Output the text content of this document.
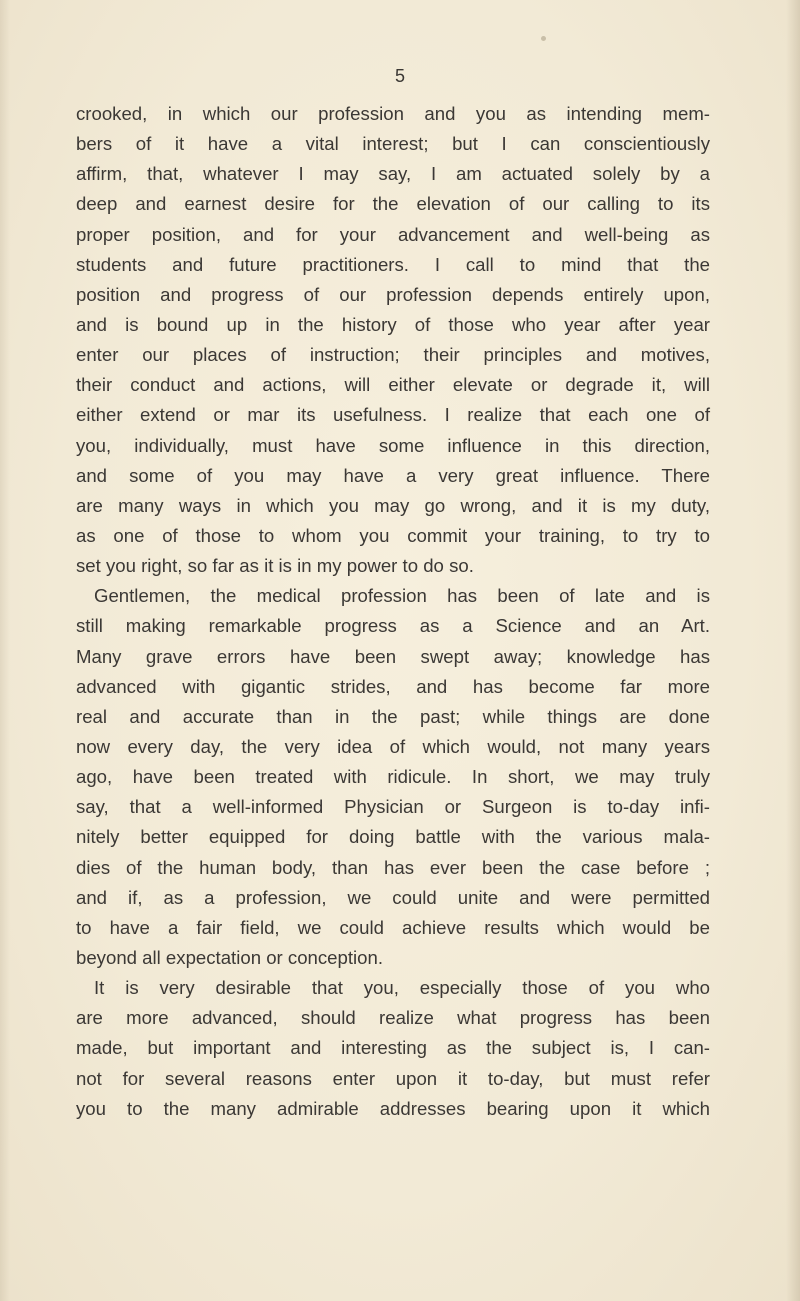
5
crooked, in which our profession and you as intending mem-
bers of it have a vital interest; but I can conscientiously
affirm, that, whatever I may say, I am actuated solely by a
deep and earnest desire for the elevation of our calling to its
proper position, and for your advancement and well-being as
students and future practitioners. I call to mind that the
position and progress of our profession depends entirely upon,
and is bound up in the history of those who year after year
enter our places of instruction; their principles and motives,
their conduct and actions, will either elevate or degrade it, will
either extend or mar its usefulness. I realize that each one of
you, individually, must have some influence in this direction,
and some of you may have a very great influence. There
are many ways in which you may go wrong, and it is my duty,
as one of those to whom you commit your training, to try to
set you right, so far as it is in my power to do so.
Gentlemen, the medical profession has been of late and is
still making remarkable progress as a Science and an Art.
Many grave errors have been swept away; knowledge has
advanced with gigantic strides, and has become far more
real and accurate than in the past; while things are done
now every day, the very idea of which would, not many years
ago, have been treated with ridicule. In short, we may truly
say, that a well-informed Physician or Surgeon is to-day infi-
nitely better equipped for doing battle with the various mala-
dies of the human body, than has ever been the case before ;
and if, as a profession, we could unite and were permitted
to have a fair field, we could achieve results which would be
beyond all expectation or conception.
It is very desirable that you, especially those of you who
are more advanced, should realize what progress has been
made, but important and interesting as the subject is, I can-
not for several reasons enter upon it to-day, but must refer
you to the many admirable addresses bearing upon it which
